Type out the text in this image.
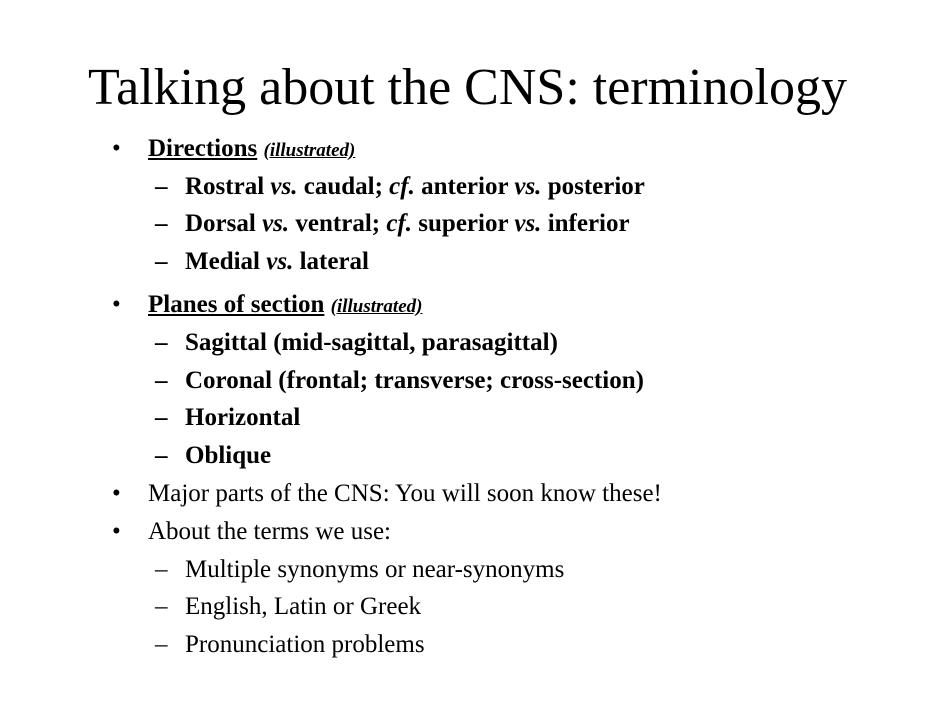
Talking about the CNS: terminology
• Directions (illustrated)
– Rostral vs. caudal; cf. anterior vs. posterior
– Dorsal vs. ventral; cf. superior vs. inferior
– Medial vs. lateral
• Planes of section (illustrated)
– Sagittal (mid-sagittal, parasagittal)
– Coronal (frontal; transverse; cross-section)
– Horizontal
– Oblique
• Major parts of the CNS: You will soon know these!
• About the terms we use:
– Multiple synonyms or near-synonyms
– English, Latin or Greek
– Pronunciation problems
